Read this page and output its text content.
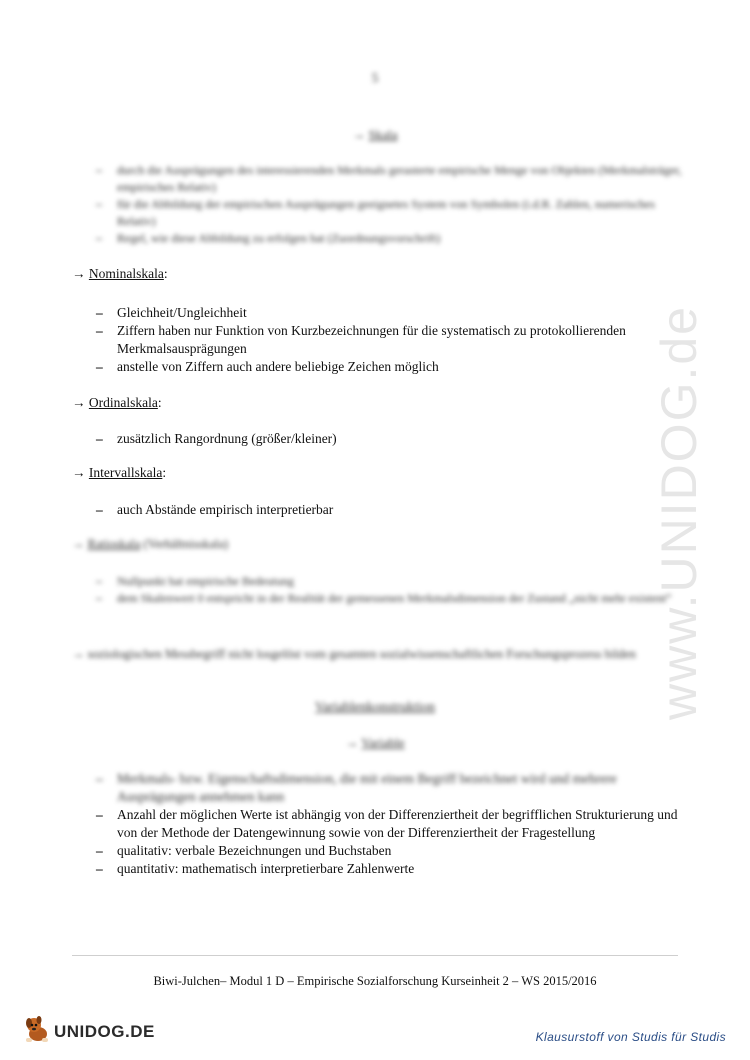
5
→ Skala
– durch die Ausprägungen des interessierenden Merkmals gerasterte empirische Menge von Objekten (Merkmalsträger, empirisches Relativ)
– für die Abbildung der empirischen Ausprägungen geeignetes System von Symbolen (i.d.R. Zahlen, numerisches Relativ)
– Regel, wie diese Abbildung zu erfolgen hat (Zuordnungsvorschrift)
→ Nominalskala:
– Gleichheit/Ungleichheit
– Ziffern haben nur Funktion von Kurzbezeichnungen für die systematisch zu protokollierenden Merkmalsausprägungen
– anstelle von Ziffern auch andere beliebige Zeichen möglich
→ Ordinalskala:
– zusätzlich Rangordnung (größer/kleiner)
→ Intervallskala:
– auch Abstände empirisch interpretierbar
→ Ratioskala (Verhältnisskala)
– Nullpunkt hat empirische Bedeutung
– dem Skalenwert 0 entspricht in der Realität der gemessenen Merkmalsdimension der Zustand „nicht mehr existent“
→ soziologischen Messbegriff nicht losgelöst vom gesamten sozialwissenschaftlichen Forschungsprozess bilden
Variablenkonstruktion
→ Variable
– Merkmals- bzw. Eigenschaftsdimension, die mit einem Begriff bezeichnet wird und mehrere Ausprägungen annehmen kann
– Anzahl der möglichen Werte ist abhängig von der Differenziertheit der begrifflichen Strukturierung und von der Methode der Datengewinnung sowie von der Differenziertheit der Fragestellung
– qualitativ: verbale Bezeichnungen und Buchstaben
– quantitativ: mathematisch interpretierbare Zahlenwerte
www.UNIDOG.de
Biwi-Julchen– Modul 1 D – Empirische Sozialforschung Kurseinheit 2 – WS 2015/2016
UNIDOG.DE	Klausurstoff von Studis für Studis
